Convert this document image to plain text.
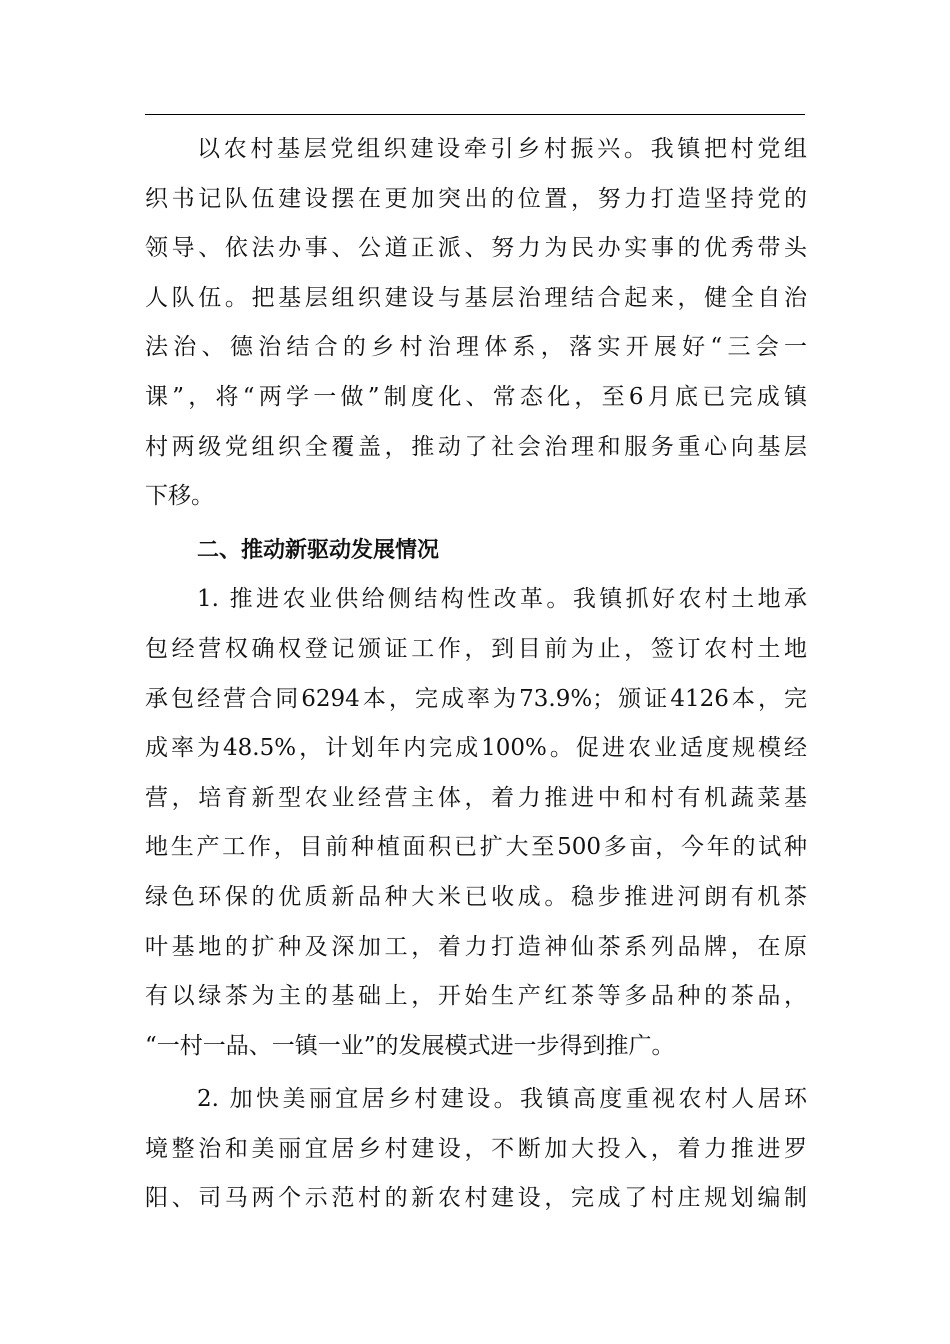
以农村基层党组织建设牵引乡村振兴。我镇把村党组
织书记队伍建设摆在更加突出的位置，努力打造坚持党的
领导、依法办事、公道正派、努力为民办实事的优秀带头
人队伍。把基层组织建设与基层治理结合起来，健全自治
法治、德治结合的乡村治理体系，落实开展好“三会一
课”，将“两学一做”制度化、常态化，至6月底已完成镇
村两级党组织全覆盖，推动了社会治理和服务重心向基层
下移。
二、推动新驱动发展情况
1. 推进农业供给侧结构性改革。我镇抓好农村土地承
包经营权确权登记颁证工作，到目前为止，签订农村土地
承包经营合同6294本，完成率为73.9%；颁证4126本，完
成率为48.5%，计划年内完成100%。促进农业适度规模经
营，培育新型农业经营主体，着力推进中和村有机蔬菜基
地生产工作，目前种植面积已扩大至500多亩，今年的试种
绿色环保的优质新品种大米已收成。稳步推进河朗有机茶
叶基地的扩种及深加工，着力打造神仙茶系列品牌，在原
有以绿茶为主的基础上，开始生产红茶等多品种的茶品，
“一村一品、一镇一业”的发展模式进一步得到推广。
2. 加快美丽宜居乡村建设。我镇高度重视农村人居环
境整治和美丽宜居乡村建设，不断加大投入，着力推进罗
阳、司马两个示范村的新农村建设，完成了村庄规划编制
